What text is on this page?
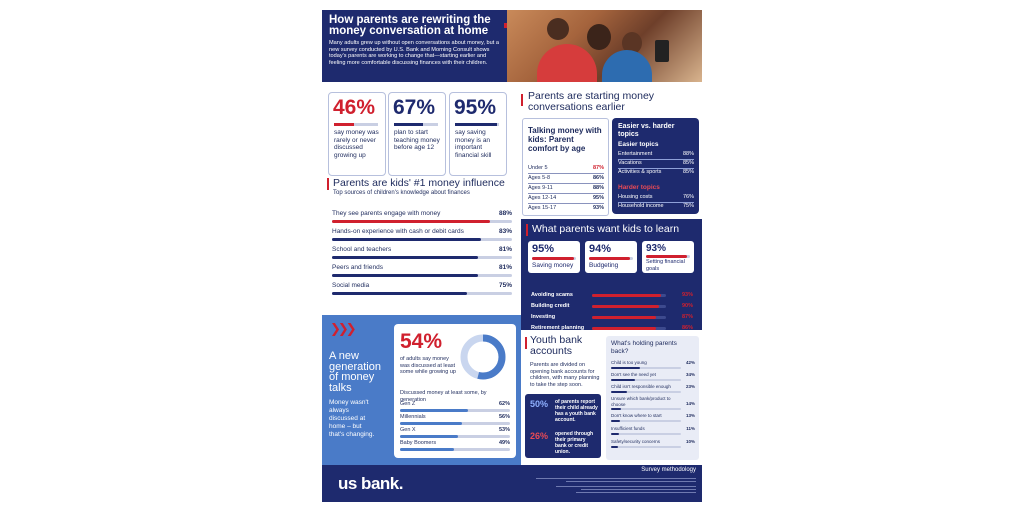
How parents are rewriting the money conversation at home
Many adults grew up without open conversations about money, but a new survey conducted by U.S. Bank and Morning Consult shows today's parents are working to change that—starting earlier and feeling more comfortable discussing finances with their children.
46%
say money was rarely or never discussed growing up
67%
plan to start teaching money before age 12
95%
say saving money is an important financial skill
Parents are kids' #1 money influence
Top sources of children's knowledge about finances
They see parents engage with money	88%
Hands-on experience with cash or debit cards	83%
School and teachers	81%
Peers and friends	81%
Social media	75%
Parents are starting money conversations earlier
Talking money with kids: Parent comfort by age
Under 5	87%
Ages 5-8	86%
Ages 9-11	88%
Ages 12-14	95%
Ages 15-17	93%
Easier vs. harder topics
Easier topics
Entertainment	88%
Vacations	85%
Activities & sports	85%
Harder topics
Housing costs	76%
Household income	75%
What parents want kids to learn
95%
Saving money
94%
Budgeting
93%
Setting financial goals
Avoiding scams	93%
Building credit	90%
Investing	87%
Retirement planning	86%
❯❯❯
A new generation of money talks
Money wasn't always discussed at home – but that's changing.
54%
of adults say money was discussed at least some while growing up
Discussed money at least some, by generation
Gen Z	62%
Millennials	56%
Gen X	53%
Baby Boomers	49%
Youth bank accounts
Parents are divided on opening bank accounts for children, with many planning to take the step soon.
50% of parents report their child already has a youth bank account.
26% opened through their primary bank or credit union.
What's holding parents back?
Child is too young	42%
Don't see the need yet	34%
Child isn't responsible enough	23%
Unsure which bank/product to choose	14%
Don't know where to start	13%
Insufficient funds	11%
Safety/security concerns	10%
us bank.
Survey methodology
